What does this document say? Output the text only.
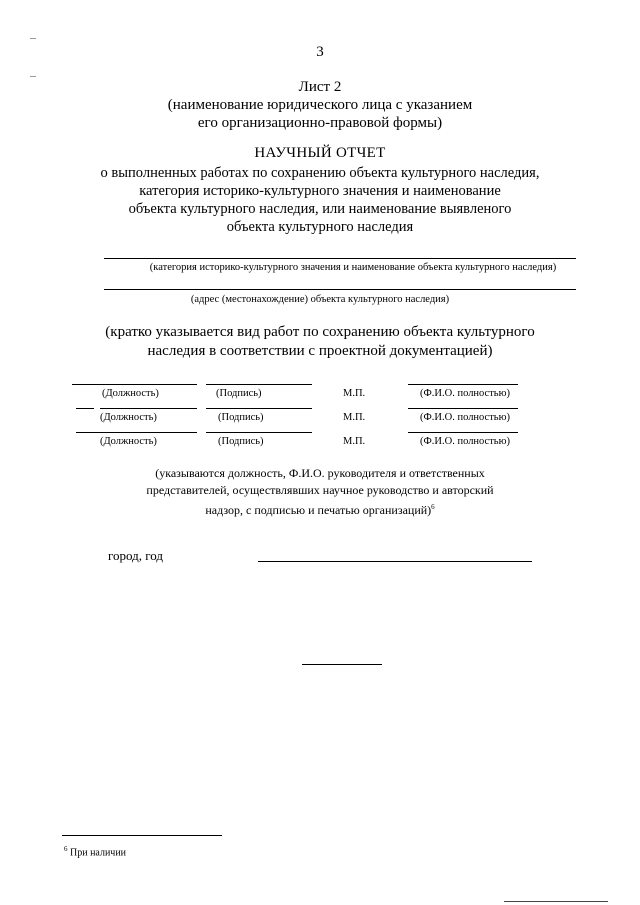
3
Лист 2
(наименование юридического лица с указанием
его организационно-правовой формы)
НАУЧНЫЙ ОТЧЕТ
о выполненных работах по сохранению объекта культурного наследия,
категория историко-культурного значения и наименование
объекта культурного наследия, или наименование выявленого
объекта культурного наследия
(категория историко-культурного значения и наименование объекта культурного наследия)
(адрес (местонахождение) объекта культурного наследия)
(кратко указывается вид работ по сохранению объекта культурного
наследия в соответствии с проектной документацией)
(Должность)	(Подпись)	М.П.	(Ф.И.О. полностью)
(Должность)	(Подпись)	М.П.	(Ф.И.О. полностью)
(Должность)	(Подпись)	М.П.	(Ф.И.О. полностью)
(указываются должность, Ф.И.О. руководителя и ответственных
представителей, осуществлявших научное руководство и авторский
надзор, с подписью и печатью организаций)$^6$
город, год
$^6$ При наличии
